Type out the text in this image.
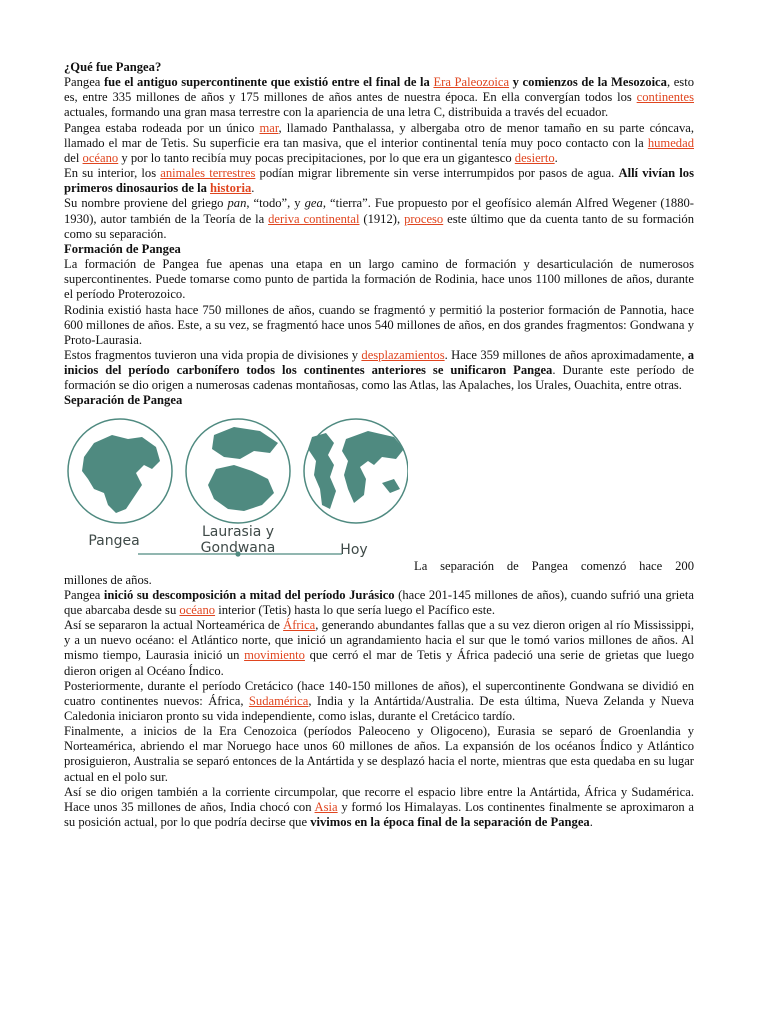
¿Qué fue Pangea?

Pangea fue el antiguo supercontinente que existió entre el final de la Era Paleozoica y comienzos de la Mesozoica, esto es, entre 335 millones de años y 175 millones de años antes de nuestra época. En ella convergían todos los continentes actuales, formando una gran masa terrestre con la apariencia de una letra C, distribuida a través del ecuador.

Pangea estaba rodeada por un único mar, llamado Panthalassa, y albergaba otro de menor tamaño en su parte cóncava, llamado el mar de Tetis. Su superficie era tan masiva, que el interior continental tenía muy poco contacto con la humedad del océano y por lo tanto recibía muy pocas precipitaciones, por lo que era un gigantesco desierto.

En su interior, los animales terrestres podían migrar libremente sin verse interrumpidos por pasos de agua. Allí vivían los primeros dinosaurios de la historia.

Su nombre proviene del griego pan, “todo”, y gea, “tierra”. Fue propuesto por el geofísico alemán Alfred Wegener (1880-1930), autor también de la Teoría de la deriva continental (1912), proceso este último que da cuenta tanto de su formación como su separación.

Formación de Pangea

La formación de Pangea fue apenas una etapa en un largo camino de formación y desarticulación de numerosos supercontinentes. Puede tomarse como punto de partida la formación de Rodinia, hace unos 1100 millones de años, durante el período Proterozoico.

Rodinia existió hasta hace 750 millones de años, cuando se fragmentó y permitió la posterior formación de Pannotia, hace 600 millones de años. Este, a su vez, se fragmentó hace unos 540 millones de años, en dos grandes fragmentos: Gondwana y Proto-Laurasia.

Estos fragmentos tuvieron una vida propia de divisiones y desplazamientos. Hace 359 millones de años aproximadamente, a inicios del período carbonífero todos los continentes anteriores se unificaron Pangea. Durante este período de formación se dio origen a numerosas cadenas montañosas, como las Atlas, las Apalaches, los Urales, Ouachita, entre otras.

Separación de Pangea

Pangea
Laurasia y
Gondwana	Hoy
La separación de Pangea comenzó hace 200

millones de años.

Pangea inició su descomposición a mitad del período Jurásico (hace 201-145 millones de años), cuando sufrió una grieta que abarcaba desde su océano interior (Tetis) hasta lo que sería luego el Pacífico este.

Así se separaron la actual Norteamérica de África, generando abundantes fallas que a su vez dieron origen al río Mississippi, y a un nuevo océano: el Atlántico norte, que inició un agrandamiento hacia el sur que le tomó varios millones de años. Al mismo tiempo, Laurasia inició un movimiento que cerró el mar de Tetis y África padeció una serie de grietas que luego dieron origen al Océano Índico.

Posteriormente, durante el período Cretácico (hace 140-150 millones de años), el supercontinente Gondwana se dividió en cuatro continentes nuevos: África, Sudamérica, India y la Antártida/Australia. De esta última, Nueva Zelanda y Nueva Caledonia iniciaron pronto su vida independiente, como islas, durante el Cretácico tardío.

Finalmente, a inicios de la Era Cenozoica (períodos Paleoceno y Oligoceno), Eurasia se separó de Groenlandia y Norteamérica, abriendo el mar Noruego hace unos 60 millones de años. La expansión de los océanos Índico y Atlántico prosiguieron, Australia se separó entonces de la Antártida y se desplazó hacia el norte, mientras que esta quedaba en su lugar actual en el polo sur.

Así se dio origen también a la corriente circumpolar, que recorre el espacio libre entre la Antártida, África y Sudamérica. Hace unos 35 millones de años, India chocó con Asia y formó los Himalayas. Los continentes finalmente se aproximaron a su posición actual, por lo que podría decirse que vivimos en la época final de la separación de Pangea.
